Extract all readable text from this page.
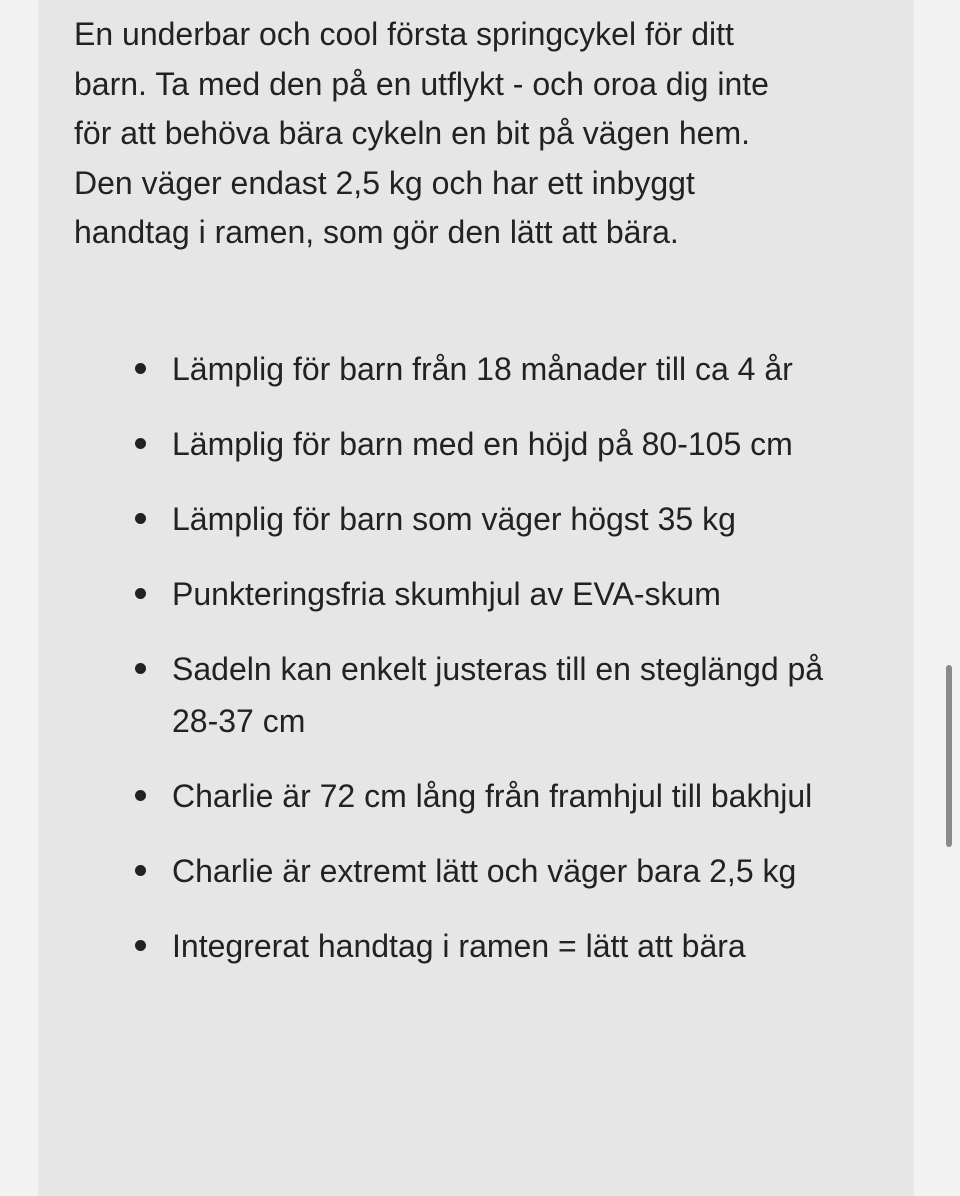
En underbar och cool första springcykel för ditt barn. Ta med den på en utflykt - och oroa dig inte för att behöva bära cykeln en bit på vägen hem. Den väger endast 2,5 kg och har ett inbyggt handtag i ramen, som gör den lätt att bära.

Lämplig för barn från 18 månader till ca 4 år
Lämplig för barn med en höjd på 80-105 cm
Lämplig för barn som väger högst 35 kg
Punkteringsfria skumhjul av EVA-skum
Sadeln kan enkelt justeras till en steglängd på 28-37 cm
Charlie är 72 cm lång från framhjul till bakhjul
Charlie är extremt lätt och väger bara 2,5 kg
Integrerat handtag i ramen = lätt att bära
